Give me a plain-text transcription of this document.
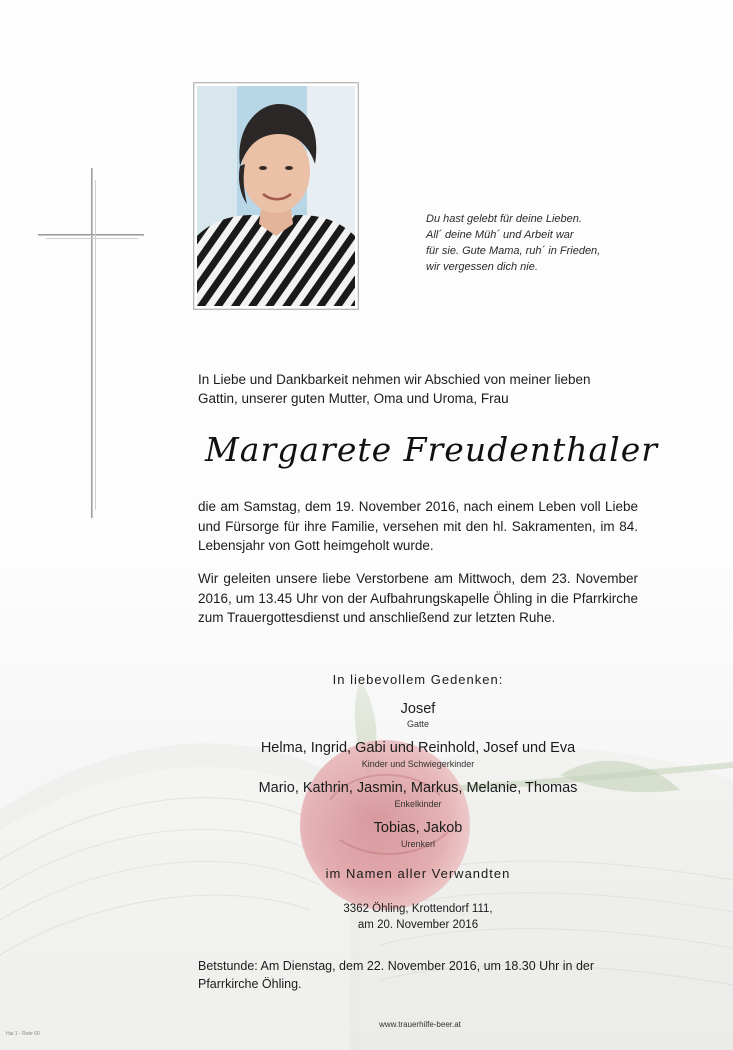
Du hast gelebt für deine Lieben.
All´ deine Müh´ und Arbeit war
für sie. Gute Mama, ruh´ in Frieden,
wir vergessen dich nie.
In Liebe und Dankbarkeit nehmen wir Abschied von meiner lieben
Gattin, unserer guten Mutter, Oma und Uroma, Frau
Margarete Freudenthaler
die am Samstag, dem 19. November 2016, nach einem Leben voll Liebe und Fürsorge für ihre Familie, versehen mit den hl. Sakramenten, im 84. Lebensjahr von Gott heimgeholt wurde.
Wir geleiten unsere liebe Verstorbene am Mittwoch, dem 23. November 2016, um 13.45 Uhr von der Aufbahrungskapelle Öhling in die Pfarrkirche zum Trauergottesdienst und anschließend zur letzten Ruhe.
In liebevollem Gedenken:
Josef
Gatte
Helma, Ingrid, Gabi und Reinhold, Josef und Eva
Kinder und Schwiegerkinder
Mario, Kathrin, Jasmin, Markus, Melanie, Thomas
Enkelkinder
Tobias, Jakob
Urenkerl
im Namen aller Verwandten
3362 Öhling, Krottendorf 111,
am 20. November 2016
Betstunde: Am Dienstag, dem 22. November 2016, um 18.30 Uhr in der
Pfarrkirche Öhling.
www.trauerhilfe-beer.at
Hai 1 - Rote 60
